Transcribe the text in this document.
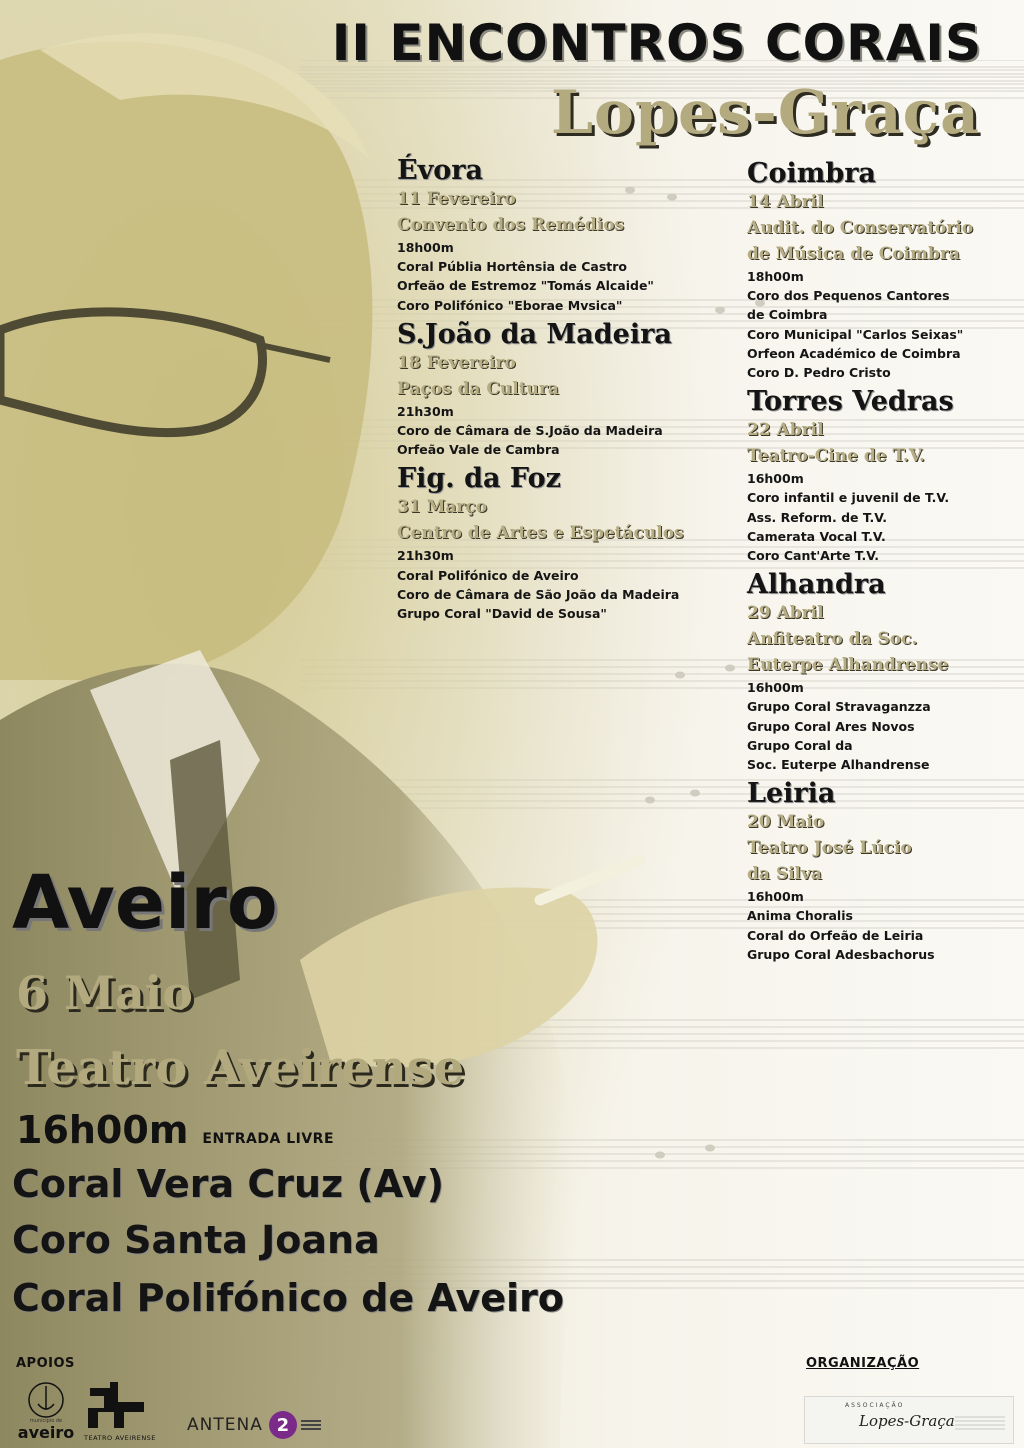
II ENCONTROS CORAIS
Lopes-Graça
Évora
11 Fevereiro
Convento dos Remédios
18h00m
Coral Públia Hortênsia de Castro
Orfeão de Estremoz "Tomás Alcaide"
Coro Polifónico "Eborae Mvsica"
S.João da Madeira
18 Fevereiro
Paços da Cultura
21h30m
Coro de Câmara de S.João da Madeira
Orfeão Vale de Cambra
Fig. da Foz
31 Março
Centro de Artes e Espetáculos
21h30m
Coral Polifónico de Aveiro
Coro de Câmara de São João da Madeira
Grupo Coral "David de Sousa"
Coimbra
14 Abril
Audit. do Conservatório
de Música de Coimbra
18h00m
Coro dos Pequenos Cantores
de Coimbra
Coro Municipal "Carlos Seixas"
Orfeon Académico de Coimbra
Coro D. Pedro Cristo
Torres Vedras
22 Abril
Teatro-Cine de T.V.
16h00m
Coro infantil e juvenil de T.V.
Ass. Reform. de T.V.
Camerata Vocal T.V.
Coro Cant'Arte T.V.
Alhandra
29 Abril
Anfiteatro da Soc.
Euterpe Alhandrense
16h00m
Grupo Coral Stravaganzza
Grupo Coral Ares Novos
Grupo Coral da
Soc. Euterpe Alhandrense
Leiria
20 Maio
Teatro José Lúcio
da Silva
16h00m
Anima Choralis
Coral do Orfeão de Leiria
Grupo Coral Adesbachorus
Aveiro
6 Maio
Teatro Aveirense
16h00m ENTRADA LIVRE
Coral Vera Cruz (Av)
Coro Santa Joana
Coral Polifónico de Aveiro
APOIOS	ORGANIZAÇÃO
município de
aveiro TEATRO AVEIRENSE
ANTENA 2
ASSOCIAÇÃO
Lopes-Graça
